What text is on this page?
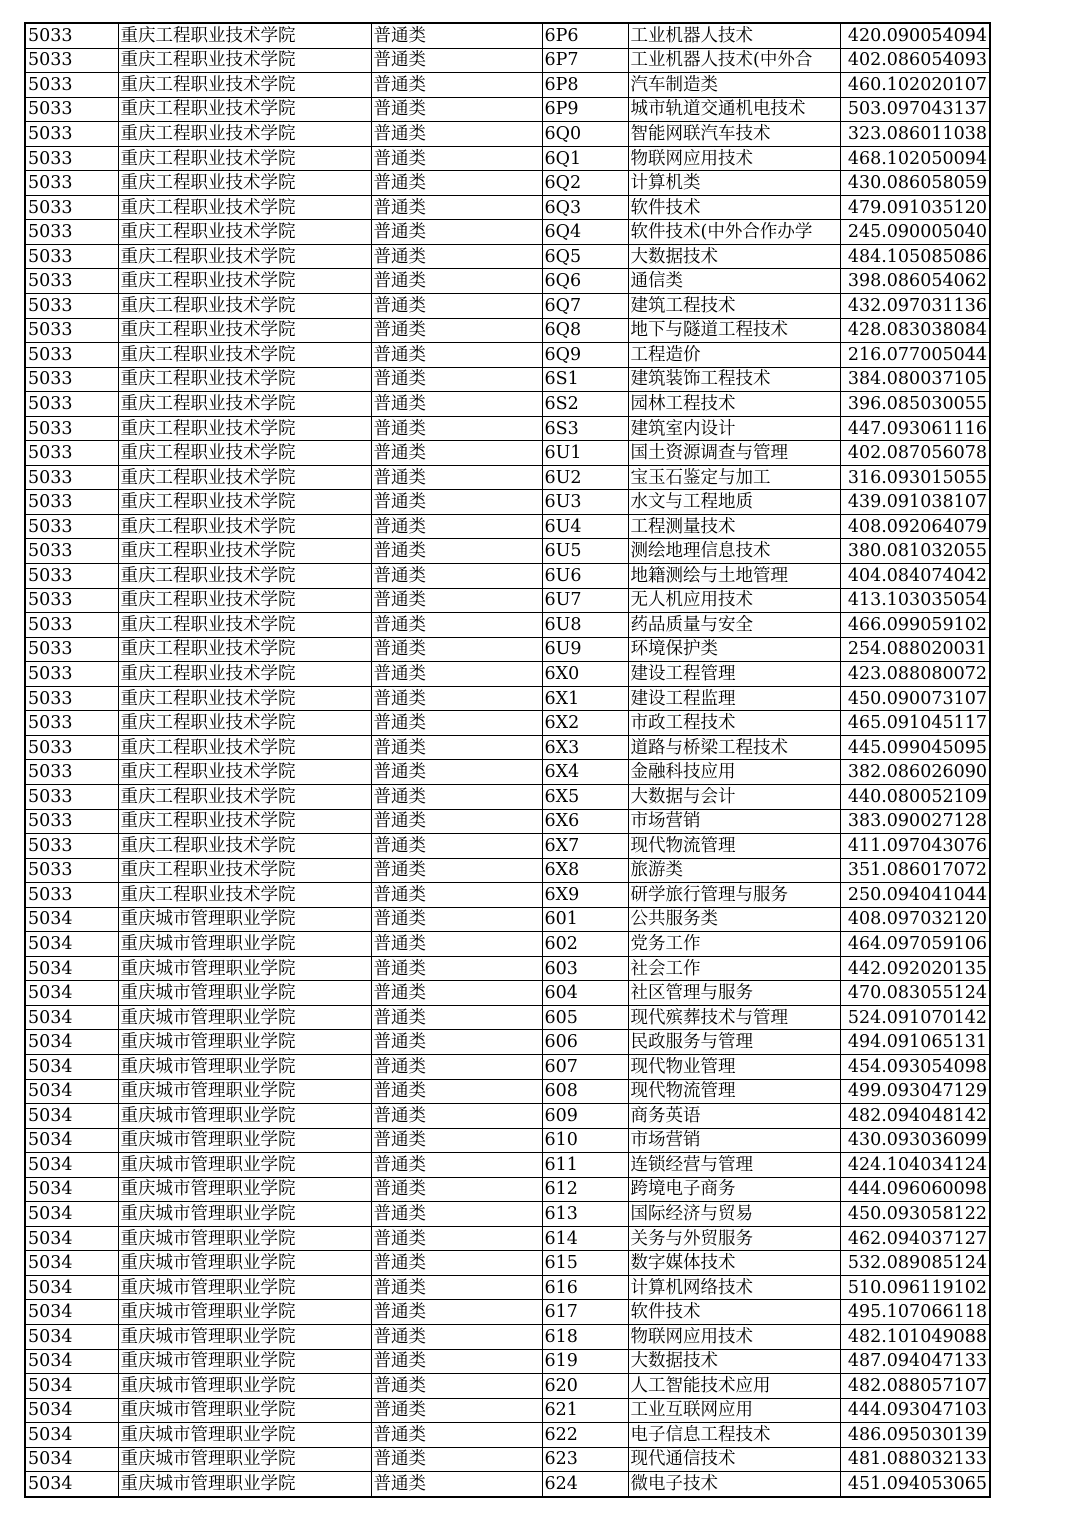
5033	重庆工程职业技术学院	普通类	6P6	工业机器人技术	420.090054094
5033	重庆工程职业技术学院	普通类	6P7	工业机器人技术(中外合	402.086054093
5033	重庆工程职业技术学院	普通类	6P8	汽车制造类	460.102020107
5033	重庆工程职业技术学院	普通类	6P9	城市轨道交通机电技术	503.097043137
5033	重庆工程职业技术学院	普通类	6Q0	智能网联汽车技术	323.086011038
5033	重庆工程职业技术学院	普通类	6Q1	物联网应用技术	468.102050094
5033	重庆工程职业技术学院	普通类	6Q2	计算机类	430.086058059
5033	重庆工程职业技术学院	普通类	6Q3	软件技术	479.091035120
5033	重庆工程职业技术学院	普通类	6Q4	软件技术(中外合作办学	245.090005040
5033	重庆工程职业技术学院	普通类	6Q5	大数据技术	484.105085086
5033	重庆工程职业技术学院	普通类	6Q6	通信类	398.086054062
5033	重庆工程职业技术学院	普通类	6Q7	建筑工程技术	432.097031136
5033	重庆工程职业技术学院	普通类	6Q8	地下与隧道工程技术	428.083038084
5033	重庆工程职业技术学院	普通类	6Q9	工程造价	216.077005044
5033	重庆工程职业技术学院	普通类	6S1	建筑装饰工程技术	384.080037105
5033	重庆工程职业技术学院	普通类	6S2	园林工程技术	396.085030055
5033	重庆工程职业技术学院	普通类	6S3	建筑室内设计	447.093061116
5033	重庆工程职业技术学院	普通类	6U1	国土资源调查与管理	402.087056078
5033	重庆工程职业技术学院	普通类	6U2	宝玉石鉴定与加工	316.093015055
5033	重庆工程职业技术学院	普通类	6U3	水文与工程地质	439.091038107
5033	重庆工程职业技术学院	普通类	6U4	工程测量技术	408.092064079
5033	重庆工程职业技术学院	普通类	6U5	测绘地理信息技术	380.081032055
5033	重庆工程职业技术学院	普通类	6U6	地籍测绘与土地管理	404.084074042
5033	重庆工程职业技术学院	普通类	6U7	无人机应用技术	413.103035054
5033	重庆工程职业技术学院	普通类	6U8	药品质量与安全	466.099059102
5033	重庆工程职业技术学院	普通类	6U9	环境保护类	254.088020031
5033	重庆工程职业技术学院	普通类	6X0	建设工程管理	423.088080072
5033	重庆工程职业技术学院	普通类	6X1	建设工程监理	450.090073107
5033	重庆工程职业技术学院	普通类	6X2	市政工程技术	465.091045117
5033	重庆工程职业技术学院	普通类	6X3	道路与桥梁工程技术	445.099045095
5033	重庆工程职业技术学院	普通类	6X4	金融科技应用	382.086026090
5033	重庆工程职业技术学院	普通类	6X5	大数据与会计	440.080052109
5033	重庆工程职业技术学院	普通类	6X6	市场营销	383.090027128
5033	重庆工程职业技术学院	普通类	6X7	现代物流管理	411.097043076
5033	重庆工程职业技术学院	普通类	6X8	旅游类	351.086017072
5033	重庆工程职业技术学院	普通类	6X9	研学旅行管理与服务	250.094041044
5034	重庆城市管理职业学院	普通类	601	公共服务类	408.097032120
5034	重庆城市管理职业学院	普通类	602	党务工作	464.097059106
5034	重庆城市管理职业学院	普通类	603	社会工作	442.092020135
5034	重庆城市管理职业学院	普通类	604	社区管理与服务	470.083055124
5034	重庆城市管理职业学院	普通类	605	现代殡葬技术与管理	524.091070142
5034	重庆城市管理职业学院	普通类	606	民政服务与管理	494.091065131
5034	重庆城市管理职业学院	普通类	607	现代物业管理	454.093054098
5034	重庆城市管理职业学院	普通类	608	现代物流管理	499.093047129
5034	重庆城市管理职业学院	普通类	609	商务英语	482.094048142
5034	重庆城市管理职业学院	普通类	610	市场营销	430.093036099
5034	重庆城市管理职业学院	普通类	611	连锁经营与管理	424.104034124
5034	重庆城市管理职业学院	普通类	612	跨境电子商务	444.096060098
5034	重庆城市管理职业学院	普通类	613	国际经济与贸易	450.093058122
5034	重庆城市管理职业学院	普通类	614	关务与外贸服务	462.094037127
5034	重庆城市管理职业学院	普通类	615	数字媒体技术	532.089085124
5034	重庆城市管理职业学院	普通类	616	计算机网络技术	510.096119102
5034	重庆城市管理职业学院	普通类	617	软件技术	495.107066118
5034	重庆城市管理职业学院	普通类	618	物联网应用技术	482.101049088
5034	重庆城市管理职业学院	普通类	619	大数据技术	487.094047133
5034	重庆城市管理职业学院	普通类	620	人工智能技术应用	482.088057107
5034	重庆城市管理职业学院	普通类	621	工业互联网应用	444.093047103
5034	重庆城市管理职业学院	普通类	622	电子信息工程技术	486.095030139
5034	重庆城市管理职业学院	普通类	623	现代通信技术	481.088032133
5034	重庆城市管理职业学院	普通类	624	微电子技术	451.094053065
